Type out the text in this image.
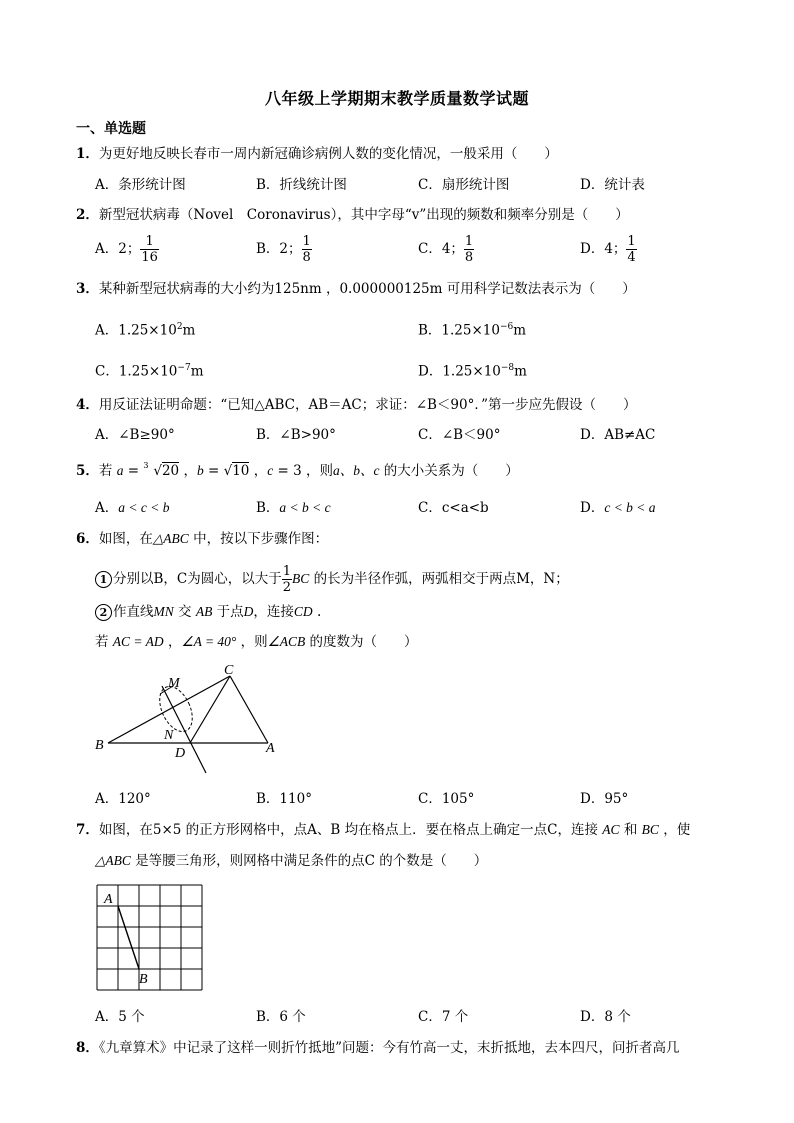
八年级上学期期末教学质量数学试题
一、单选题
1．为更好地反映长春市一周内新冠确诊病例人数的变化情况，一般采用（　　）
A．条形统计图	B．折线统计图	C．扇形统计图	D．统计表
2．新型冠状病毒（Novel　Coronavirus），其中字母“v”出现的频数和频率分别是（　　）
A．2； $\frac{1}{16}$	B．2； $\frac{1}{8}$	C．4； $\frac{1}{8}$	D．4； $\frac{1}{4}$
3．某种新型冠状病毒的大小约为125nm ，0.000000125m 可用科学记数法表示为（　　）
A．$1.25\times 10^2m$	B．$1.25\times 10^{-6}m$
C．$1.25\times 10^{-7}m$	D．$1.25\times 10^{-8}m$
4．用反证法证明命题：“已知△ABC，AB＝AC；求证：∠B＜90°．”第一步应先假设（　　）
A．∠B≥90°	B．∠B>90°	C．∠B＜90°	D．AB≠AC
5．若 a = 3 √20 ，b = √10 ，c = 3 ，则a、b、c 的大小关系为（　　）
A．a < c < b	B．a < b < c	C．c<a<b	D．c < b < a
6．如图，在△ABC 中，按以下步骤作图：
1 分别以B，C为圆心，以大于 $\frac{1}{2}$ BC 的长为半径作弧，两弧相交于两点M，N；
2 作直线MN 交 AB 于点D，连接CD .
若 AC = AD ，∠A = 40° ，则∠ACB 的度数为（　　）
M
C
N
B
D	A
A．120°	B．110°	C．105°	D．95°
7．如图，在5×5 的正方形网格中，点A、B 均在格点上．要在格点上确定一点C，连接 AC 和 BC ，使
△ABC 是等腰三角形，则网格中满足条件的点C 的个数是（　　）
A
B
A．5 个	B．6 个	C．7 个	D．8 个
8．《九章算术》中记录了这样一则折竹抵地”问题：今有竹高一丈，末折抵地，去本四尺，问折者高几
